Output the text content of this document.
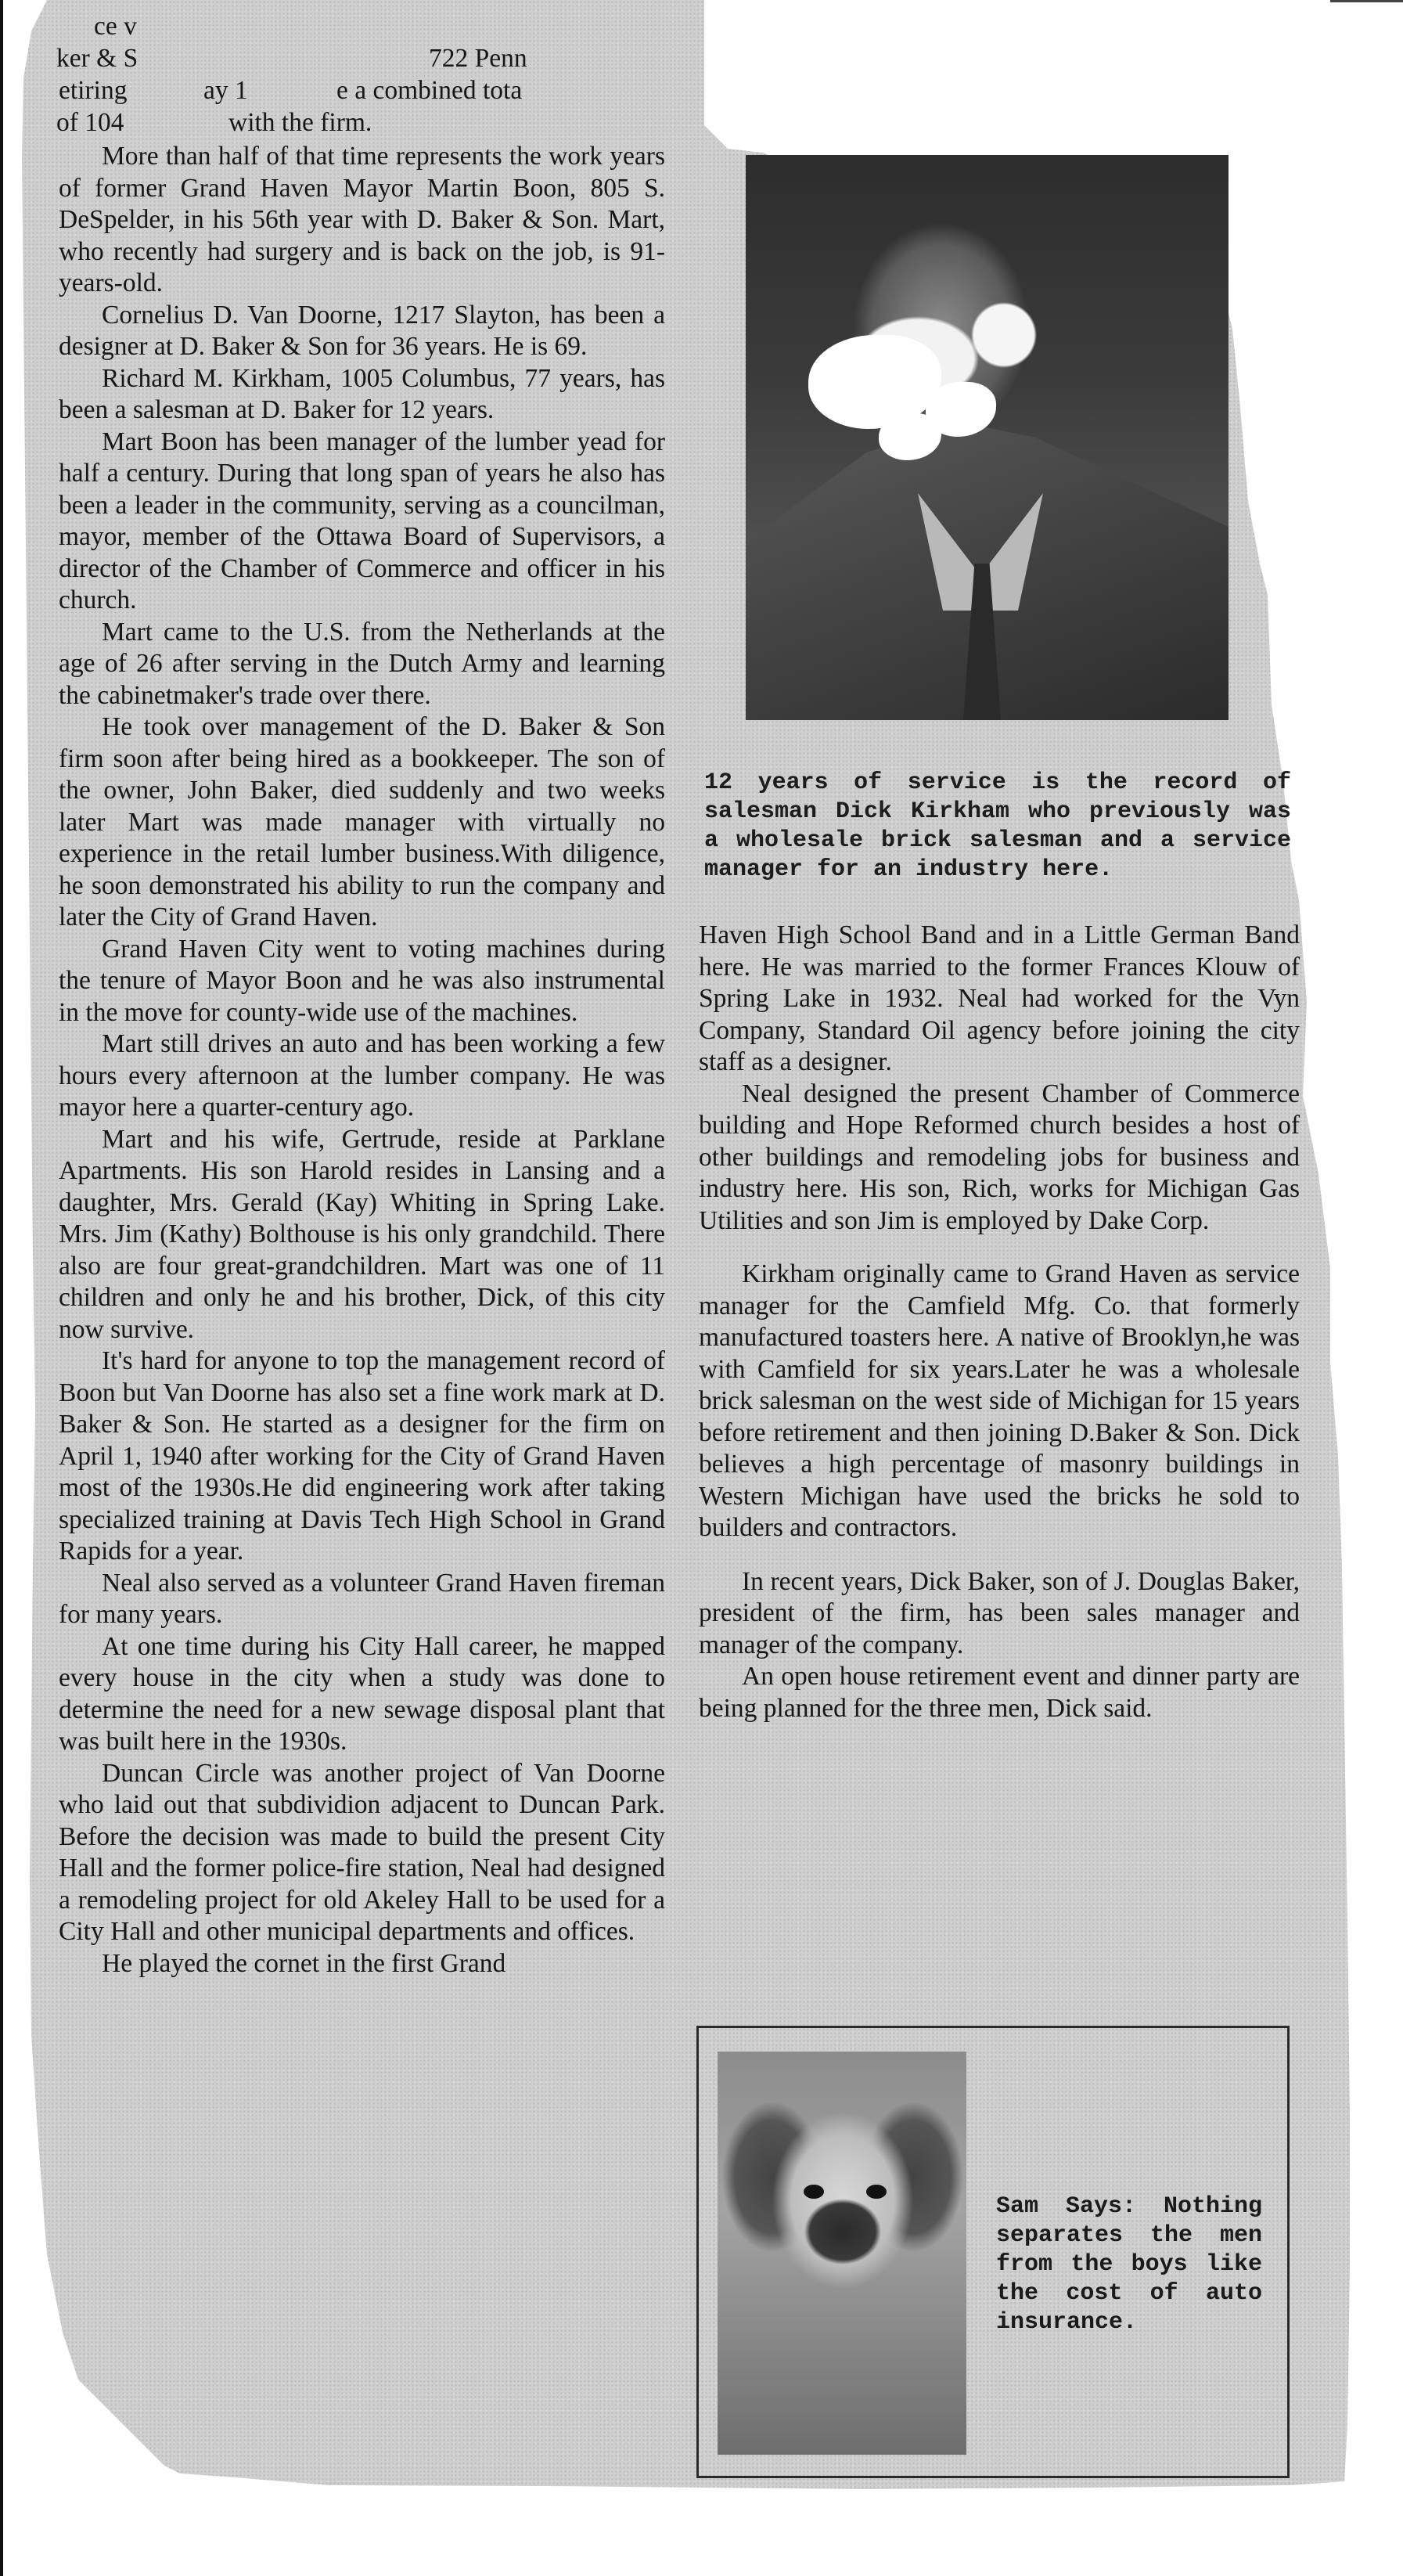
ce v
ker & S	722 Penn
etiring	ay 1	e a combined tota
of 104	with the firm.

More than half of that time represents the work years of former Grand Haven Mayor Martin Boon, 805 S. DeSpelder, in his 56th year with D. Baker & Son. Mart, who recently had surgery and is back on the job, is 91-years-old.

Cornelius D. Van Doorne, 1217 Slayton, has been a designer at D. Baker & Son for 36 years. He is 69.

Richard M. Kirkham, 1005 Columbus, 77 years, has been a salesman at D. Baker for 12 years.

Mart Boon has been manager of the lumber yead for half a century. During that long span of years he also has been a leader in the community, serving as a councilman, mayor, member of the Ottawa Board of Supervisors, a director of the Chamber of Commerce and officer in his church.

Mart came to the U.S. from the Netherlands at the age of 26 after serving in the Dutch Army and learning the cabinetmaker's trade over there.

He took over management of the D. Baker & Son firm soon after being hired as a bookkeeper. The son of the owner, John Baker, died suddenly and two weeks later Mart was made manager with virtually no experience in the retail lumber business.With diligence, he soon demonstrated his ability to run the company and later the City of Grand Haven.

Grand Haven City went to voting machines during the tenure of Mayor Boon and he was also instrumental in the move for county-wide use of the machines.

Mart still drives an auto and has been working a few hours every afternoon at the lumber company. He was mayor here a quarter-century ago.

Mart and his wife, Gertrude, reside at Parklane Apartments. His son Harold resides in Lansing and a daughter, Mrs. Gerald (Kay) Whiting in Spring Lake. Mrs. Jim (Kathy) Bolthouse is his only grandchild. There also are four great-grandchildren. Mart was one of 11 children and only he and his brother, Dick, of this city now survive.

It's hard for anyone to top the management record of Boon but Van Doorne has also set a fine work mark at D. Baker & Son. He started as a designer for the firm on April 1, 1940 after working for the City of Grand Haven most of the 1930s.He did engineering work after taking specialized training at Davis Tech High School in Grand Rapids for a year.

Neal also served as a volunteer Grand Haven fireman for many years.

At one time during his City Hall career, he mapped every house in the city when a study was done to determine the need for a new sewage disposal plant that was built here in the 1930s.

Duncan Circle was another project of Van Doorne who laid out that subdividion adjacent to Duncan Park. Before the decision was made to build the present City Hall and the former police-fire station, Neal had designed a remodeling project for old Akeley Hall to be used for a City Hall and other municipal departments and offices.

He played the cornet in the first Grand

12 years of service is the record of salesman Dick Kirkham who previously was a wholesale brick salesman and a service manager for an industry here.

Haven High School Band and in a Little German Band here. He was married to the former Frances Klouw of Spring Lake in 1932. Neal had worked for the Vyn Company, Standard Oil agency before joining the city staff as a designer.

Neal designed the present Chamber of Commerce building and Hope Reformed church besides a host of other buildings and remodeling jobs for business and industry here. His son, Rich, works for Michigan Gas Utilities and son Jim is employed by Dake Corp.

Kirkham originally came to Grand Haven as service manager for the Camfield Mfg. Co. that formerly manufactured toasters here. A native of Brooklyn,he was with Camfield for six years.Later he was a wholesale brick salesman on the west side of Michigan for 15 years before retirement and then joining D.Baker & Son. Dick believes a high percentage of masonry buildings in Western Michigan have used the bricks he sold to builders and contractors.

In recent years, Dick Baker, son of J. Douglas Baker, president of the firm, has been sales manager and manager of the company.

An open house retirement event and dinner party are being planned for the three men, Dick said.

Sam Says: Nothing separates the men from the boys like the cost of auto insurance.
